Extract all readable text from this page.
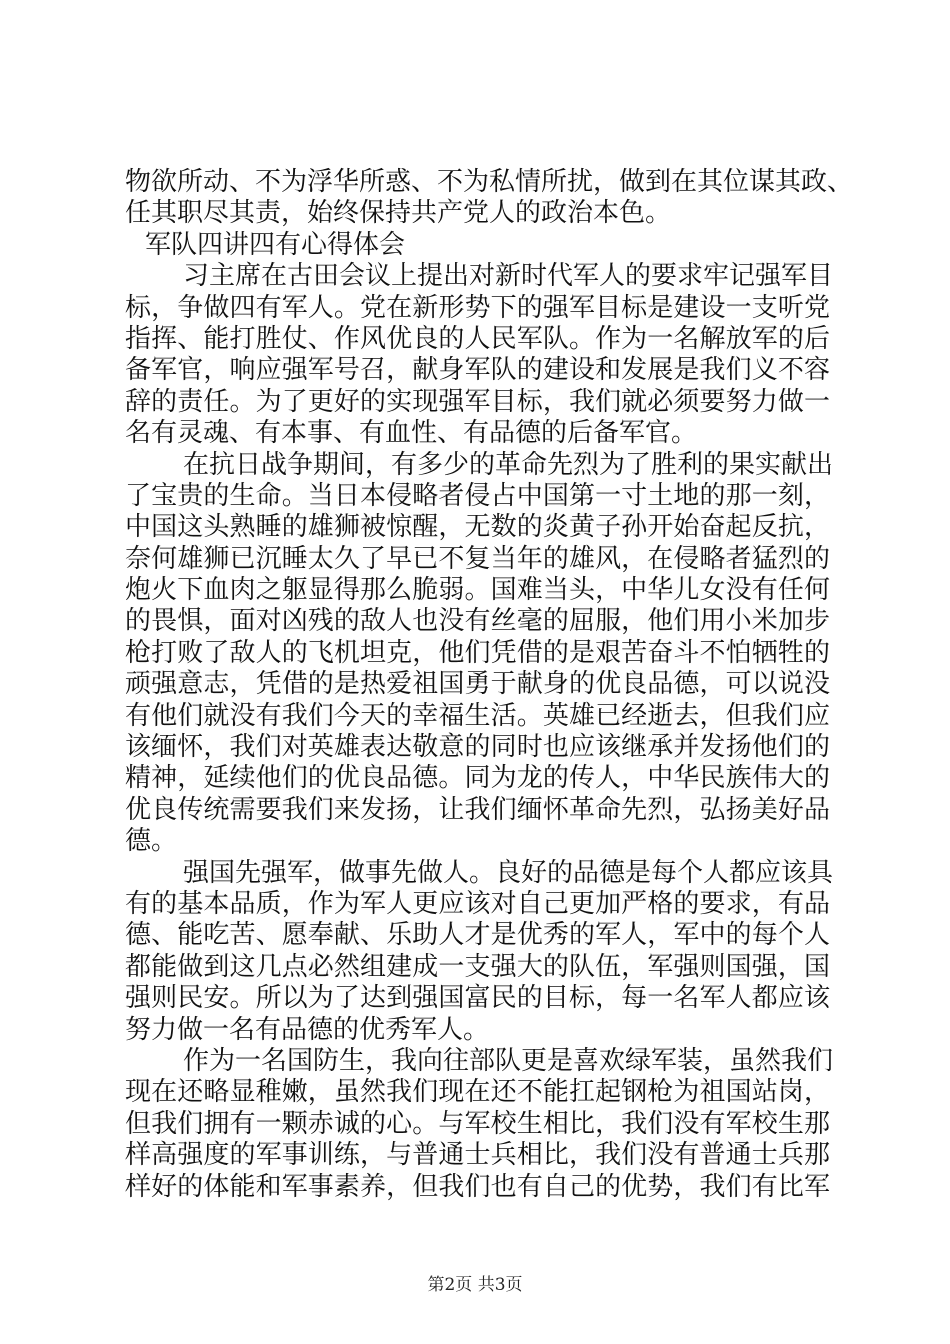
物欲所动、不为浮华所惑、不为私情所扰，做到在其位谋其政、
任其职尽其责，始终保持共产党人的政治本色。
军队四讲四有心得体会
习主席在古田会议上提出对新时代军人的要求牢记强军目
标，争做四有军人。党在新形势下的强军目标是建设一支听党
指挥、能打胜仗、作风优良的人民军队。作为一名解放军的后
备军官，响应强军号召，献身军队的建设和发展是我们义不容
辞的责任。为了更好的实现强军目标，我们就必须要努力做一
名有灵魂、有本事、有血性、有品德的后备军官。
在抗日战争期间，有多少的革命先烈为了胜利的果实献出
了宝贵的生命。当日本侵略者侵占中国第一寸土地的那一刻，
中国这头熟睡的雄狮被惊醒，无数的炎黄子孙开始奋起反抗，
奈何雄狮已沉睡太久了早已不复当年的雄风，在侵略者猛烈的
炮火下血肉之躯显得那么脆弱。国难当头，中华儿女没有任何
的畏惧，面对凶残的敌人也没有丝毫的屈服，他们用小米加步
枪打败了敌人的飞机坦克，他们凭借的是艰苦奋斗不怕牺牲的
顽强意志，凭借的是热爱祖国勇于献身的优良品德，可以说没
有他们就没有我们今天的幸福生活。英雄已经逝去，但我们应
该缅怀，我们对英雄表达敬意的同时也应该继承并发扬他们的
精神，延续他们的优良品德。同为龙的传人，中华民族伟大的
优良传统需要我们来发扬，让我们缅怀革命先烈，弘扬美好品
德。
强国先强军，做事先做人。良好的品德是每个人都应该具
有的基本品质，作为军人更应该对自己更加严格的要求，有品
德、能吃苦、愿奉献、乐助人才是优秀的军人，军中的每个人
都能做到这几点必然组建成一支强大的队伍，军强则国强，国
强则民安。所以为了达到强国富民的目标，每一名军人都应该
努力做一名有品德的优秀军人。
作为一名国防生，我向往部队更是喜欢绿军装，虽然我们
现在还略显稚嫩，虽然我们现在还不能扛起钢枪为祖国站岗，
但我们拥有一颗赤诚的心。与军校生相比，我们没有军校生那
样高强度的军事训练，与普通士兵相比，我们没有普通士兵那
样好的体能和军事素养，但我们也有自己的优势，我们有比军
第2页 共3页
